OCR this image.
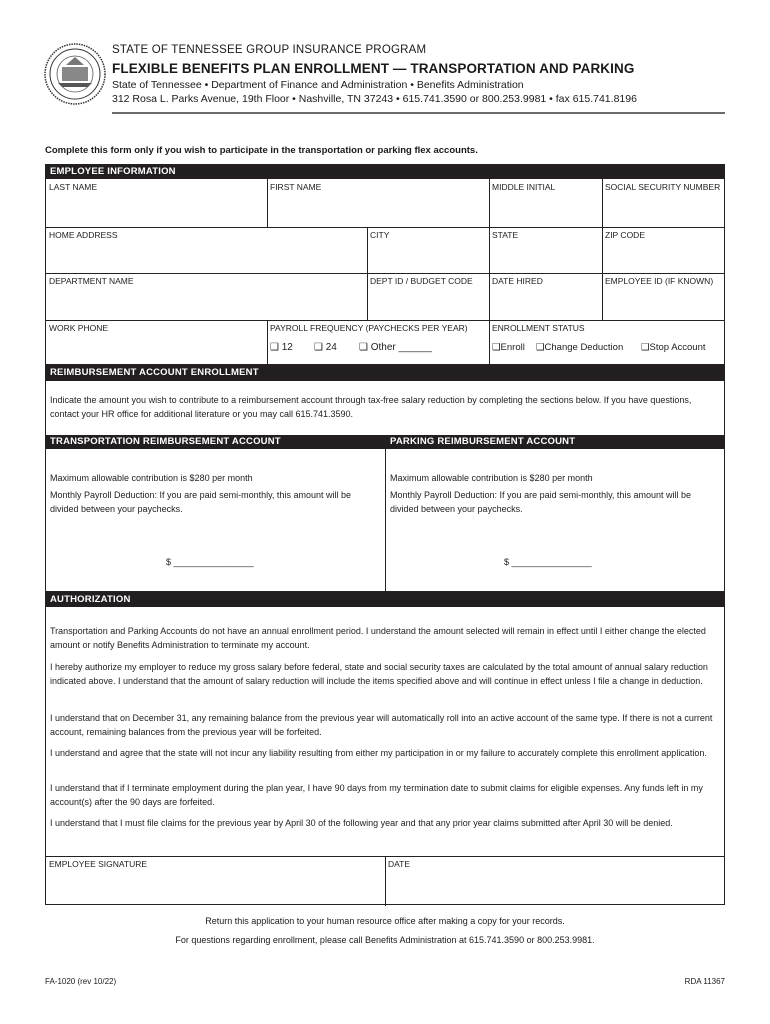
STATE OF TENNESSEE GROUP INSURANCE PROGRAM
FLEXIBLE BENEFITS PLAN ENROLLMENT — TRANSPORTATION AND PARKING
State of Tennessee • Department of Finance and Administration • Benefits Administration
312 Rosa L. Parks Avenue, 19th Floor • Nashville, TN 37243 • 615.741.3590 or 800.253.9981 • fax 615.741.8196
Complete this form only if you wish to participate in the transportation or parking flex accounts.
EMPLOYEE INFORMATION
LAST NAME	FIRST NAME	MIDDLE INITIAL	SOCIAL SECURITY NUMBER
HOME ADDRESS	CITY	STATE	ZIP CODE
DEPARTMENT NAME	DEPT ID / BUDGET CODE	DATE HIRED	EMPLOYEE ID (IF KNOWN)
WORK PHONE	PAYROLL FREQUENCY (PAYCHECKS PER YEAR)
❑ 12 ❑ 24 ❑ Other ______
ENROLLMENT STATUS
❑Enroll ❑Change Deduction ❑Stop Account
REIMBURSEMENT ACCOUNT ENROLLMENT
Indicate the amount you wish to contribute to a reimbursement account through tax-free salary reduction by completing the sections below. If you have questions, contact your HR office for additional literature or you may call 615.741.3590.
TRANSPORTATION REIMBURSEMENT ACCOUNT	PARKING REIMBURSEMENT ACCOUNT
Maximum allowable contribution is $280 per month
Monthly Payroll Deduction: If you are paid semi-monthly, this amount will be divided between your paychecks.
$ ________________
Maximum allowable contribution is $280 per month
Monthly Payroll Deduction: If you are paid semi-monthly, this amount will be divided between your paychecks.
$ ________________
AUTHORIZATION
Transportation and Parking Accounts do not have an annual enrollment period. I understand the amount selected will remain in effect until I either change the elected amount or notify Benefits Administration to terminate my account.
I hereby authorize my employer to reduce my gross salary before federal, state and social security taxes are calculated by the total amount of annual salary reduction indicated above. I understand that the amount of salary reduction will include the items specified above and will continue in effect unless I file a change in deduction.
I understand that on December 31, any remaining balance from the previous year will automatically roll into an active account of the same type. If there is not a current account, remaining balances from the previous year will be forfeited.
I understand and agree that the state will not incur any liability resulting from either my participation in or my failure to accurately complete this enrollment application.
I understand that if I terminate employment during the plan year, I have 90 days from my termination date to submit claims for eligible expenses. Any funds left in my account(s) after the 90 days are forfeited.
I understand that I must file claims for the previous year by April 30 of the following year and that any prior year claims submitted after April 30 will be denied.
EMPLOYEE SIGNATURE	DATE
Return this application to your human resource office after making a copy for your records.
For questions regarding enrollment, please call Benefits Administration at 615.741.3590 or 800.253.9981.
FA-1020 (rev 10/22)	RDA 11367
